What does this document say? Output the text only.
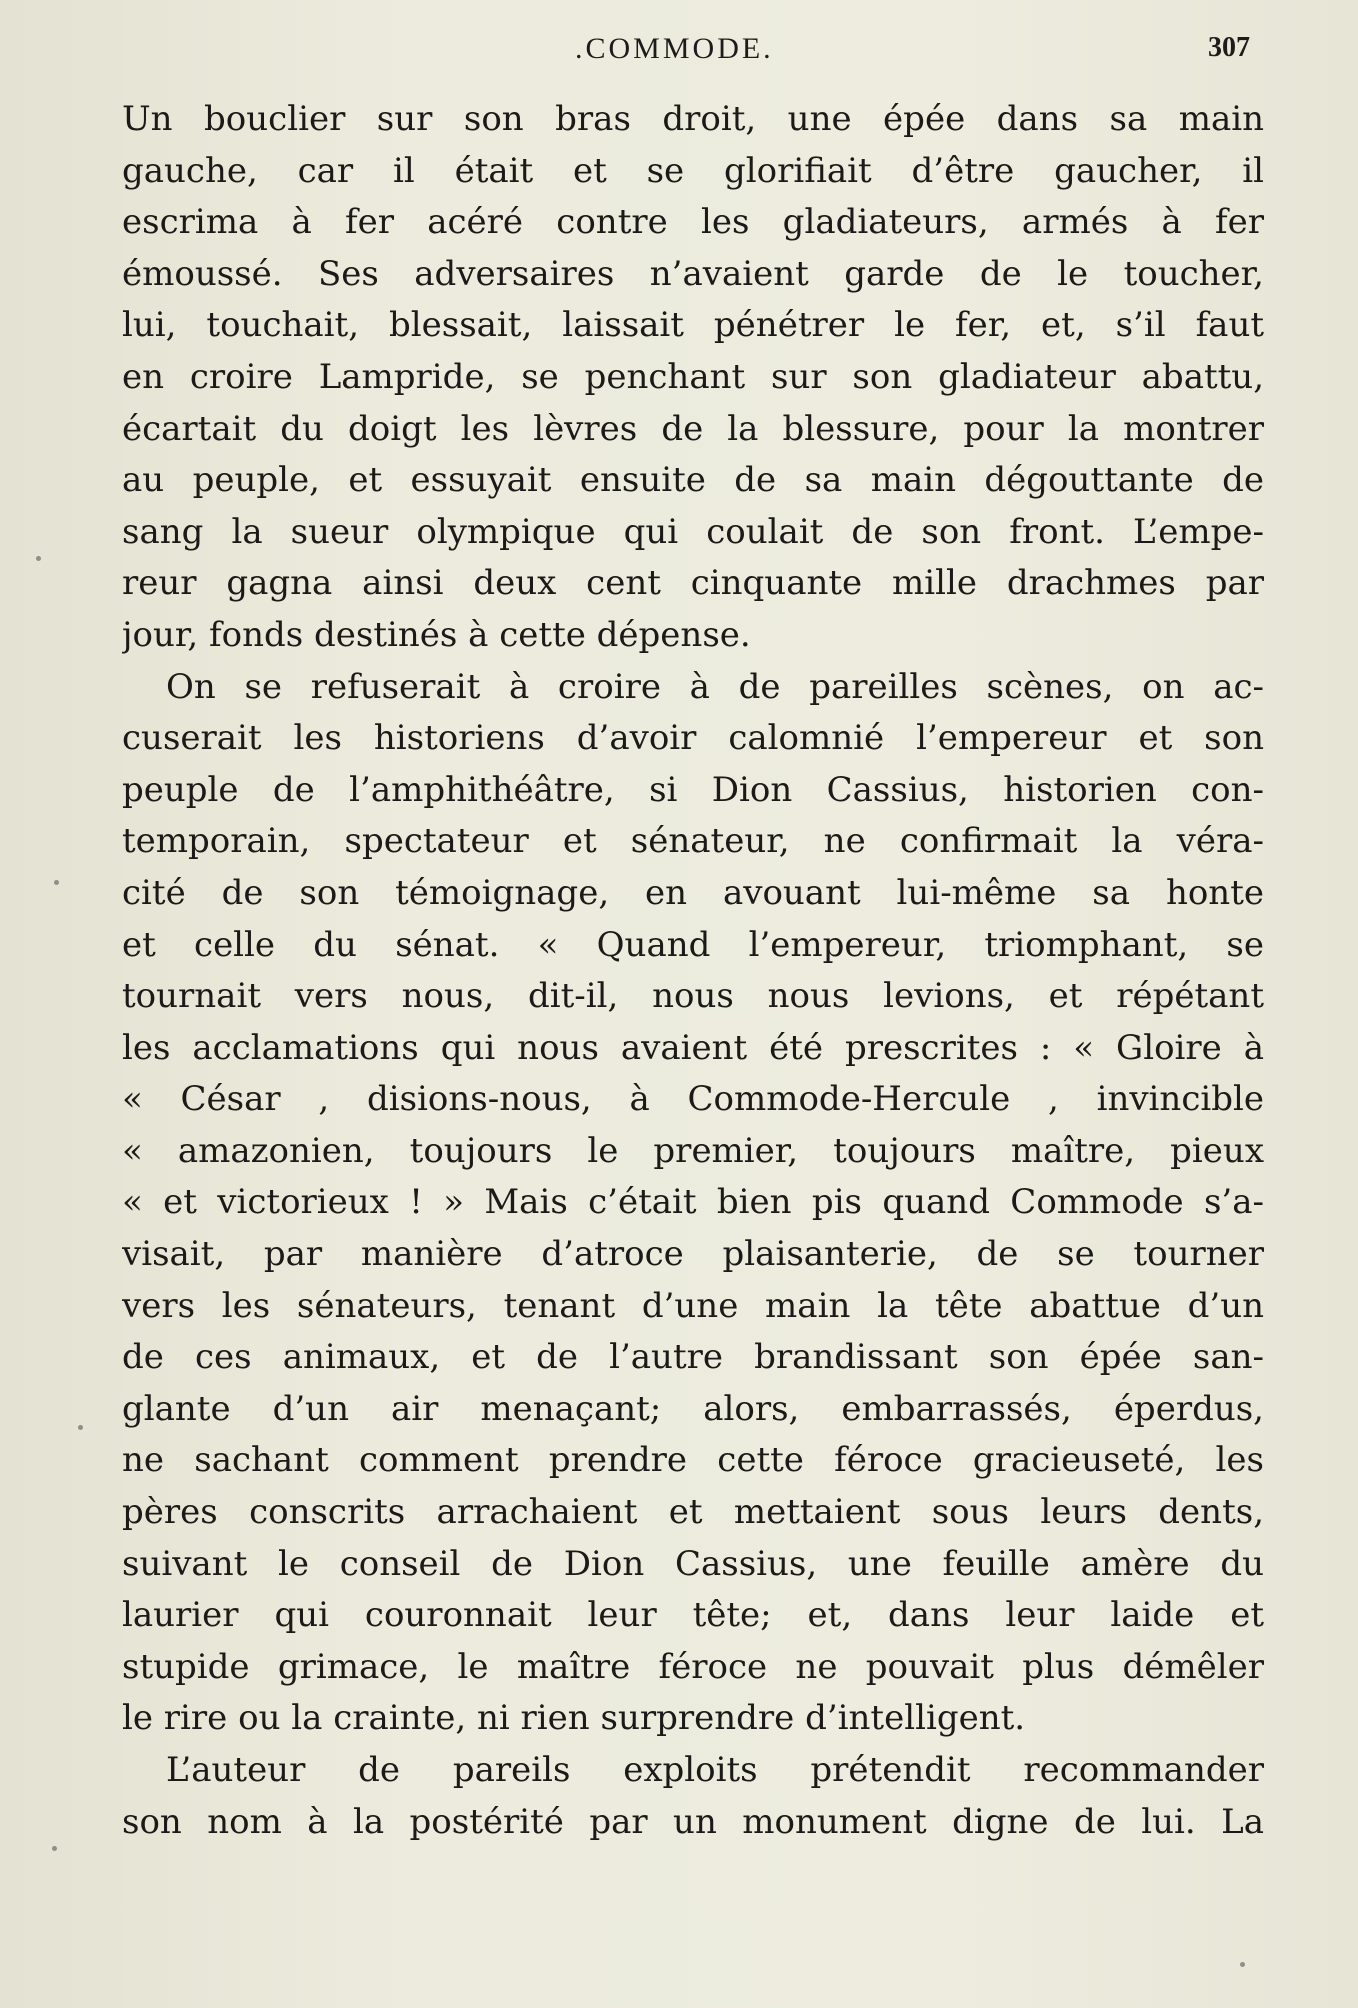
.COMMODE.	307
Un bouclier sur son bras droit, une épée dans sa main
gauche, car il était et se glorifiait d’être gaucher, il
escrima à fer acéré contre les gladiateurs, armés à fer
émoussé. Ses adversaires n’avaient garde de le toucher,
lui, touchait, blessait, laissait pénétrer le fer, et, s’il faut
en croire Lampride, se penchant sur son gladiateur abattu,
écartait du doigt les lèvres de la blessure, pour la montrer
au peuple, et essuyait ensuite de sa main dégouttante de
sang la sueur olympique qui coulait de son front. L’empe-
reur gagna ainsi deux cent cinquante mille drachmes par
jour, fonds destinés à cette dépense.
On se refuserait à croire à de pareilles scènes, on ac-
cuserait les historiens d’avoir calomnié l’empereur et son
peuple de l’amphithéâtre, si Dion Cassius, historien con-
temporain, spectateur et sénateur, ne confirmait la véra-
cité de son témoignage, en avouant lui-même sa honte
et celle du sénat. « Quand l’empereur, triomphant, se
tournait vers nous, dit-il, nous nous levions, et répétant
les acclamations qui nous avaient été prescrites : « Gloire à
« César , disions-nous, à Commode-Hercule , invincible
« amazonien, toujours le premier, toujours maître, pieux
« et victorieux ! » Mais c’était bien pis quand Commode s’a-
visait, par manière d’atroce plaisanterie, de se tourner
vers les sénateurs, tenant d’une main la tête abattue d’un
de ces animaux, et de l’autre brandissant son épée san-
glante d’un air menaçant; alors, embarrassés, éperdus,
ne sachant comment prendre cette féroce gracieuseté, les
pères conscrits arrachaient et mettaient sous leurs dents,
suivant le conseil de Dion Cassius, une feuille amère du
laurier qui couronnait leur tête; et, dans leur laide et
stupide grimace, le maître féroce ne pouvait plus démêler
le rire ou la crainte, ni rien surprendre d’intelligent.
L’auteur de pareils exploits prétendit recommander
son nom à la postérité par un monument digne de lui. La
